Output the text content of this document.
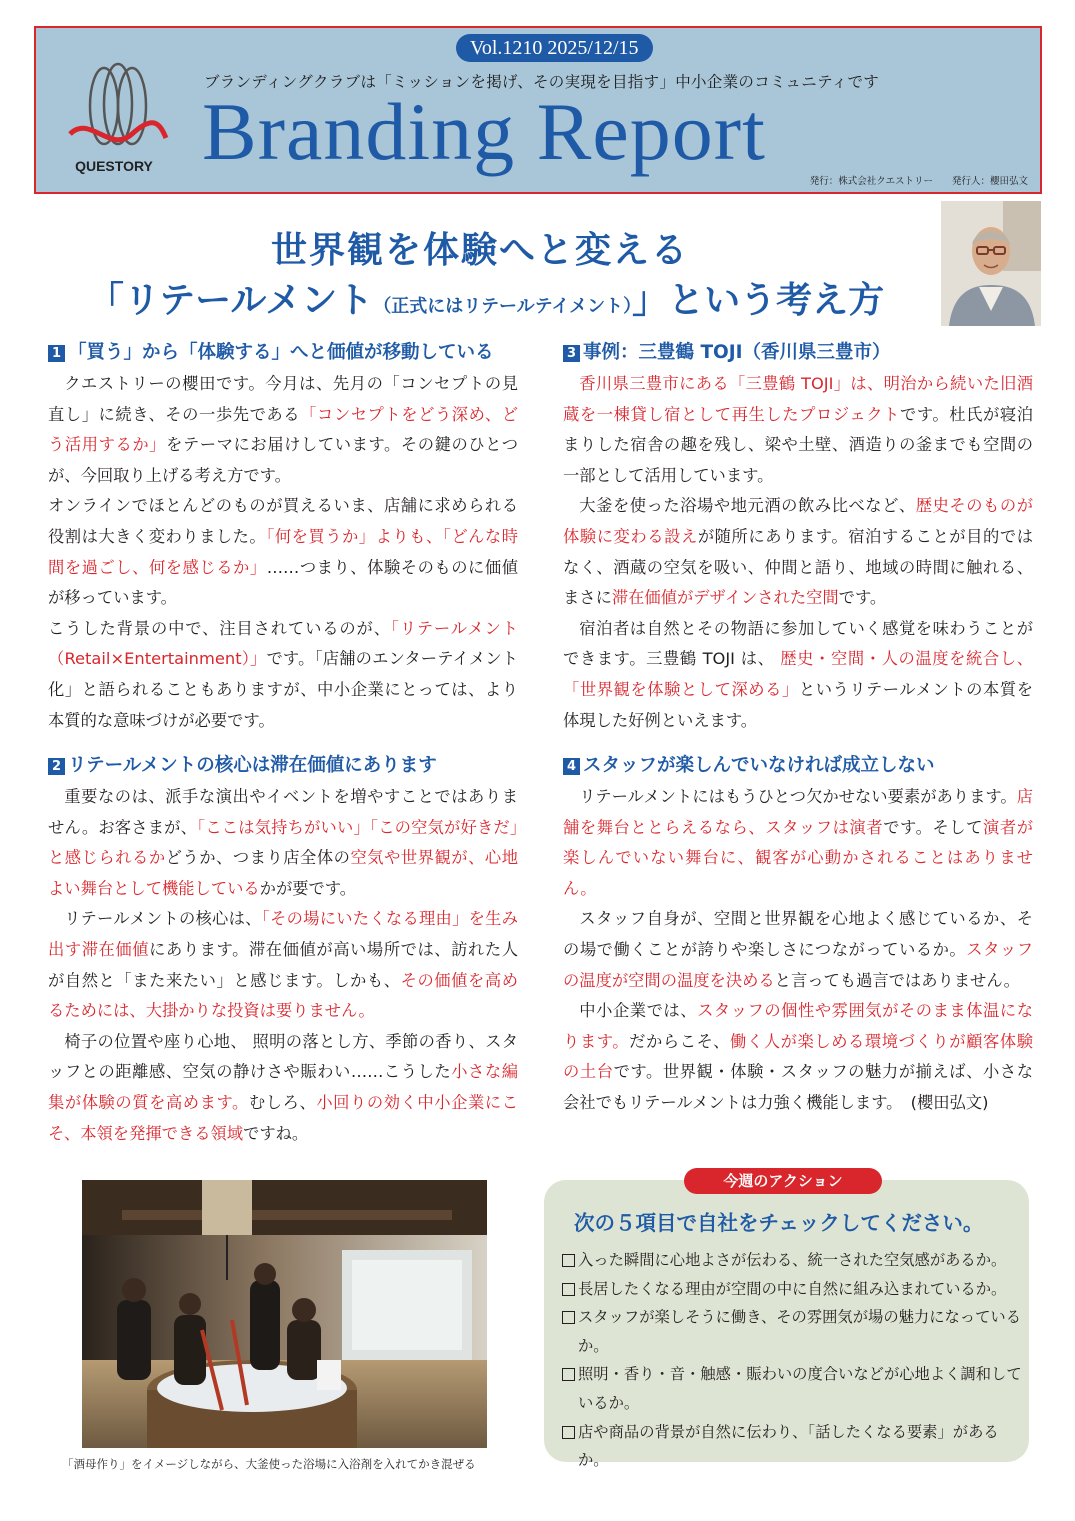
QUESTORY
Vol.1210 2025/12/15
ブランディングクラブは「ミッションを掲げ、その実現を目指す」中小企業のコミュニティです
Branding Report
発行：株式会社クエストリー　　発行人：櫻田弘文
世界観を体験へと変える
「リテールメント（正式にはリテールテイメント）」という考え方
1 「買う」から「体験する」へと価値が移動している

クエストリーの櫻田です。今月は、先月の「コンセプトの見直し」に続き、その一歩先である「コンセプトをどう深め、どう活用するか」をテーマにお届けしています。その鍵のひとつが、今回取り上げる考え方です。

オンラインでほとんどのものが買えるいま、店舗に求められる役割は大きく変わりました。「何を買うか」よりも、「どんな時間を過ごし、何を感じるか」……つまり、体験そのものに価値が移っています。

こうした背景の中で、注目されているのが、「リテールメント（Retail×Entertainment）」です。「店舗のエンターテイメント化」と語られることもありますが、中小企業にとっては、より本質的な意味づけが必要です。

2 リテールメントの核心は滞在価値にあります

重要なのは、派手な演出やイベントを増やすことではありません。お客さまが、「ここは気持ちがいい」「この空気が好きだ」と感じられるかどうか、つまり店全体の空気や世界観が、心地よい舞台として機能しているかが要です。

リテールメントの核心は、「その場にいたくなる理由」を生み出す滞在価値にあります。滞在価値が高い場所では、訪れた人が自然と「また来たい」と感じます。しかも、その価値を高めるためには、大掛かりな投資は要りません。

椅子の位置や座り心地、 照明の落とし方、季節の香り、スタッフとの距離感、空気の静けさや賑わい……こうした小さな編集が体験の質を高めます。むしろ、小回りの効く中小企業にこそ、本領を発揮できる領域ですね。

3 事例：三豊鶴 TOJI（香川県三豊市）

香川県三豊市にある「三豊鶴 TOJI」は、明治から続いた旧酒蔵を一棟貸し宿として再生したプロジェクトです。杜氏が寝泊まりした宿舎の趣を残し、梁や土壁、酒造りの釜までも空間の一部として活用しています。

大釜を使った浴場や地元酒の飲み比べなど、歴史そのものが体験に変わる設えが随所にあります。宿泊することが目的ではなく、酒蔵の空気を吸い、仲間と語り、地域の時間に触れる、まさに滞在価値がデザインされた空間です。

宿泊者は自然とその物語に参加していく感覚を味わうことができます。三豊鶴 TOJI は、 歴史・空間・人の温度を統合し、「世界観を体験として深める」というリテールメントの本質を体現した好例といえます。

4 スタッフが楽しんでいなければ成立しない

リテールメントにはもうひとつ欠かせない要素があります。店舗を舞台ととらえるなら、スタッフは演者です。そして演者が楽しんでいない舞台に、観客が心動かされることはありません。

スタッフ自身が、空間と世界観を心地よく感じているか、その場で働くことが誇りや楽しさにつながっているか。スタッフの温度が空間の温度を決めると言っても過言ではありません。

中小企業では、スタッフの個性や雰囲気がそのまま体温になります。だからこそ、働く人が楽しめる環境づくりが顧客体験の土台です。世界観・体験・スタッフの魅力が揃えば、小さな会社でもリテールメントは力強く機能します。　(櫻田弘文)

「酒母作り」をイメージしながら、大釜使った浴場に入浴剤を入れてかき混ぜる
今週のアクション
次の５項目で自社をチェックしてください。
入った瞬間に心地よさが伝わる、統一された空気感があるか。
長居したくなる理由が空間の中に自然に組み込まれているか。
スタッフが楽しそうに働き、その雰囲気が場の魅力になっているか。
照明・香り・音・触感・賑わいの度合いなどが心地よく調和しているか。
店や商品の背景が自然に伝わり、「話したくなる要素」があるか。
